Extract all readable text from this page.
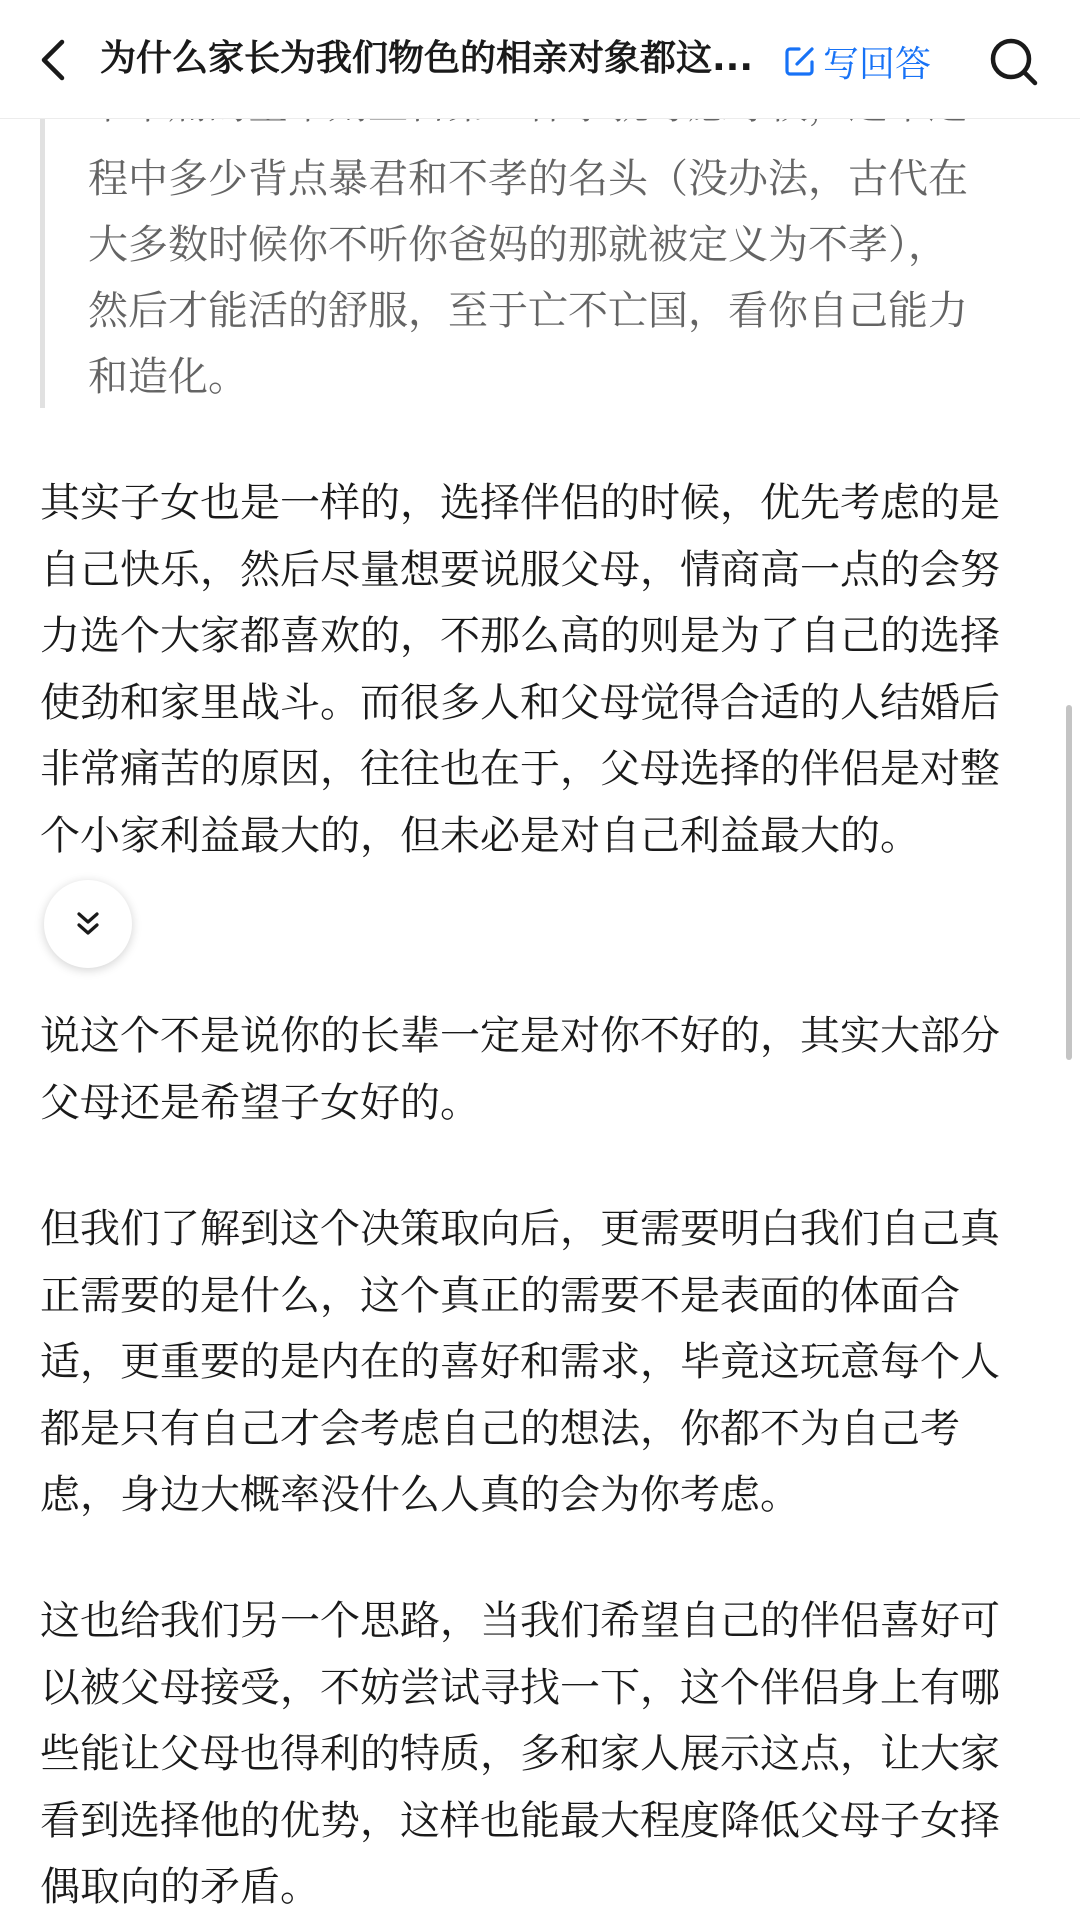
程中多少背点暴君和不孝的名头（没办法，古代在
大多数时候你不听你爸妈的那就被定义为不孝），
然后才能活的舒服，至于亡不亡国，看你自己能力
和造化。
其实子女也是一样的，选择伴侣的时候，优先考虑的是自己快乐，然后尽量想要说服父母，情商高一点的会努力选个大家都喜欢的，不那么高的则是为了自己的选择使劲和家里战斗。而很多人和父母觉得合适的人结婚后非常痛苦的原因，往往也在于，父母选择的伴侣是对整个小家利益最大的，但未必是对自己利益最大的。
说这个不是说你的长辈一定是对你不好的，其实大部分父母还是希望子女好的。
但我们了解到这个决策取向后，更需要明白我们自己真正需要的是什么，这个真正的需要不是表面的体面合适，更重要的是内在的喜好和需求，毕竟这玩意每个人都是只有自己才会考虑自己的想法，你都不为自己考虑，身边大概率没什么人真的会为你考虑。
这也给我们另一个思路，当我们希望自己的伴侣喜好可以被父母接受，不妨尝试寻找一下，这个伴侣身上有哪些能让父母也得利的特质，多和家人展示这点，让大家看到选择他的优势，这样也能最大程度降低父母子女择偶取向的矛盾。
为什么家长为我们物色的相亲对象都这... 写回答
